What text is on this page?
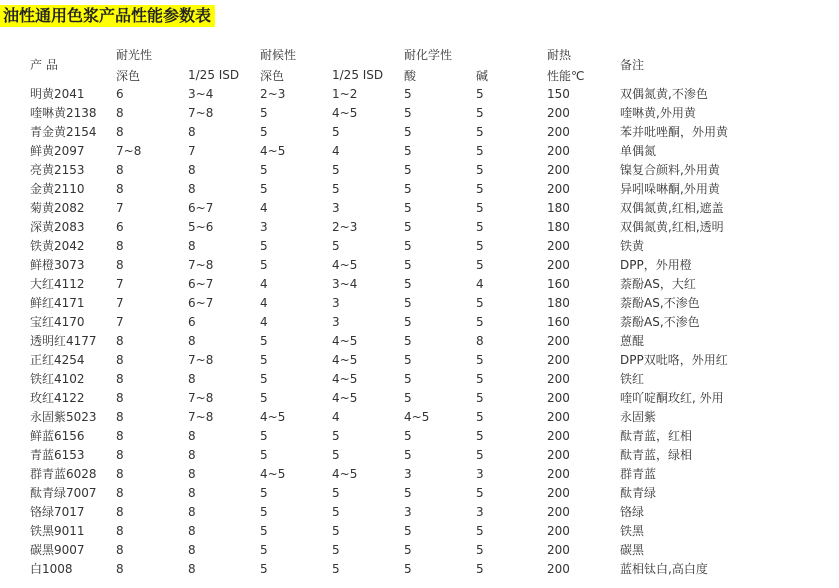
油性通用色浆产品性能参数表
产 品	耐光性		耐候性		耐化学性		耐热	备注
	深色	1/25 ISD	深色	1/25 ISD	酸	碱	性能℃	
明黄2041	6	3~4	2~3	1~2	5	5	150	双偶氮黄,不渗色
喹啉黄2138	8	7~8	5	4~5	5	5	200	喹啉黄,外用黄
青金黄2154	8	8	5	5	5	5	200	苯并吡唑酮，外用黄
鲜黄2097	7~8	7	4~5	4	5	5	200	单偶氮
亮黄2153	8	8	5	5	5	5	200	镍复合颜料,外用黄
金黄2110	8	8	5	5	5	5	200	异吲哚啉酮,外用黄
菊黄2082	7	6~7	4	3	5	5	180	双偶氮黄,红相,遮盖
深黄2083	6	5~6	3	2~3	5	5	180	双偶氮黄,红相,透明
铁黄2042	8	8	5	5	5	5	200	铁黄
鲜橙3073	8	7~8	5	4~5	5	5	200	DPP，外用橙
大红4112	7	6~7	4	3~4	5	4	160	萘酚AS，大红
鲜红4171	7	6~7	4	3	5	5	180	萘酚AS,不渗色
宝红4170	7	6	4	3	5	5	160	萘酚AS,不渗色
透明红4177	8	8	5	4~5	5	8	200	蒽醌
正红4254	8	7~8	5	4~5	5	5	200	DPP双吡咯，外用红
铁红4102	8	8	5	4~5	5	5	200	铁红
玫红4122	8	7~8	5	4~5	5	5	200	喹吖啶酮玫红, 外用
永固紫5023	8	7~8	4~5	4	4~5	5	200	永固紫
鲜蓝6156	8	8	5	5	5	5	200	酞青蓝，红相
青蓝6153	8	8	5	5	5	5	200	酞青蓝，绿相
群青蓝6028	8	8	4~5	4~5	3	3	200	群青蓝
酞青绿7007	8	8	5	5	5	5	200	酞青绿
铬绿7017	8	8	5	5	3	3	200	铬绿
铁黑9011	8	8	5	5	5	5	200	铁黑
碳黑9007	8	8	5	5	5	5	200	碳黑
白1008	8	8	5	5	5	5	200	蓝相钛白,高白度
